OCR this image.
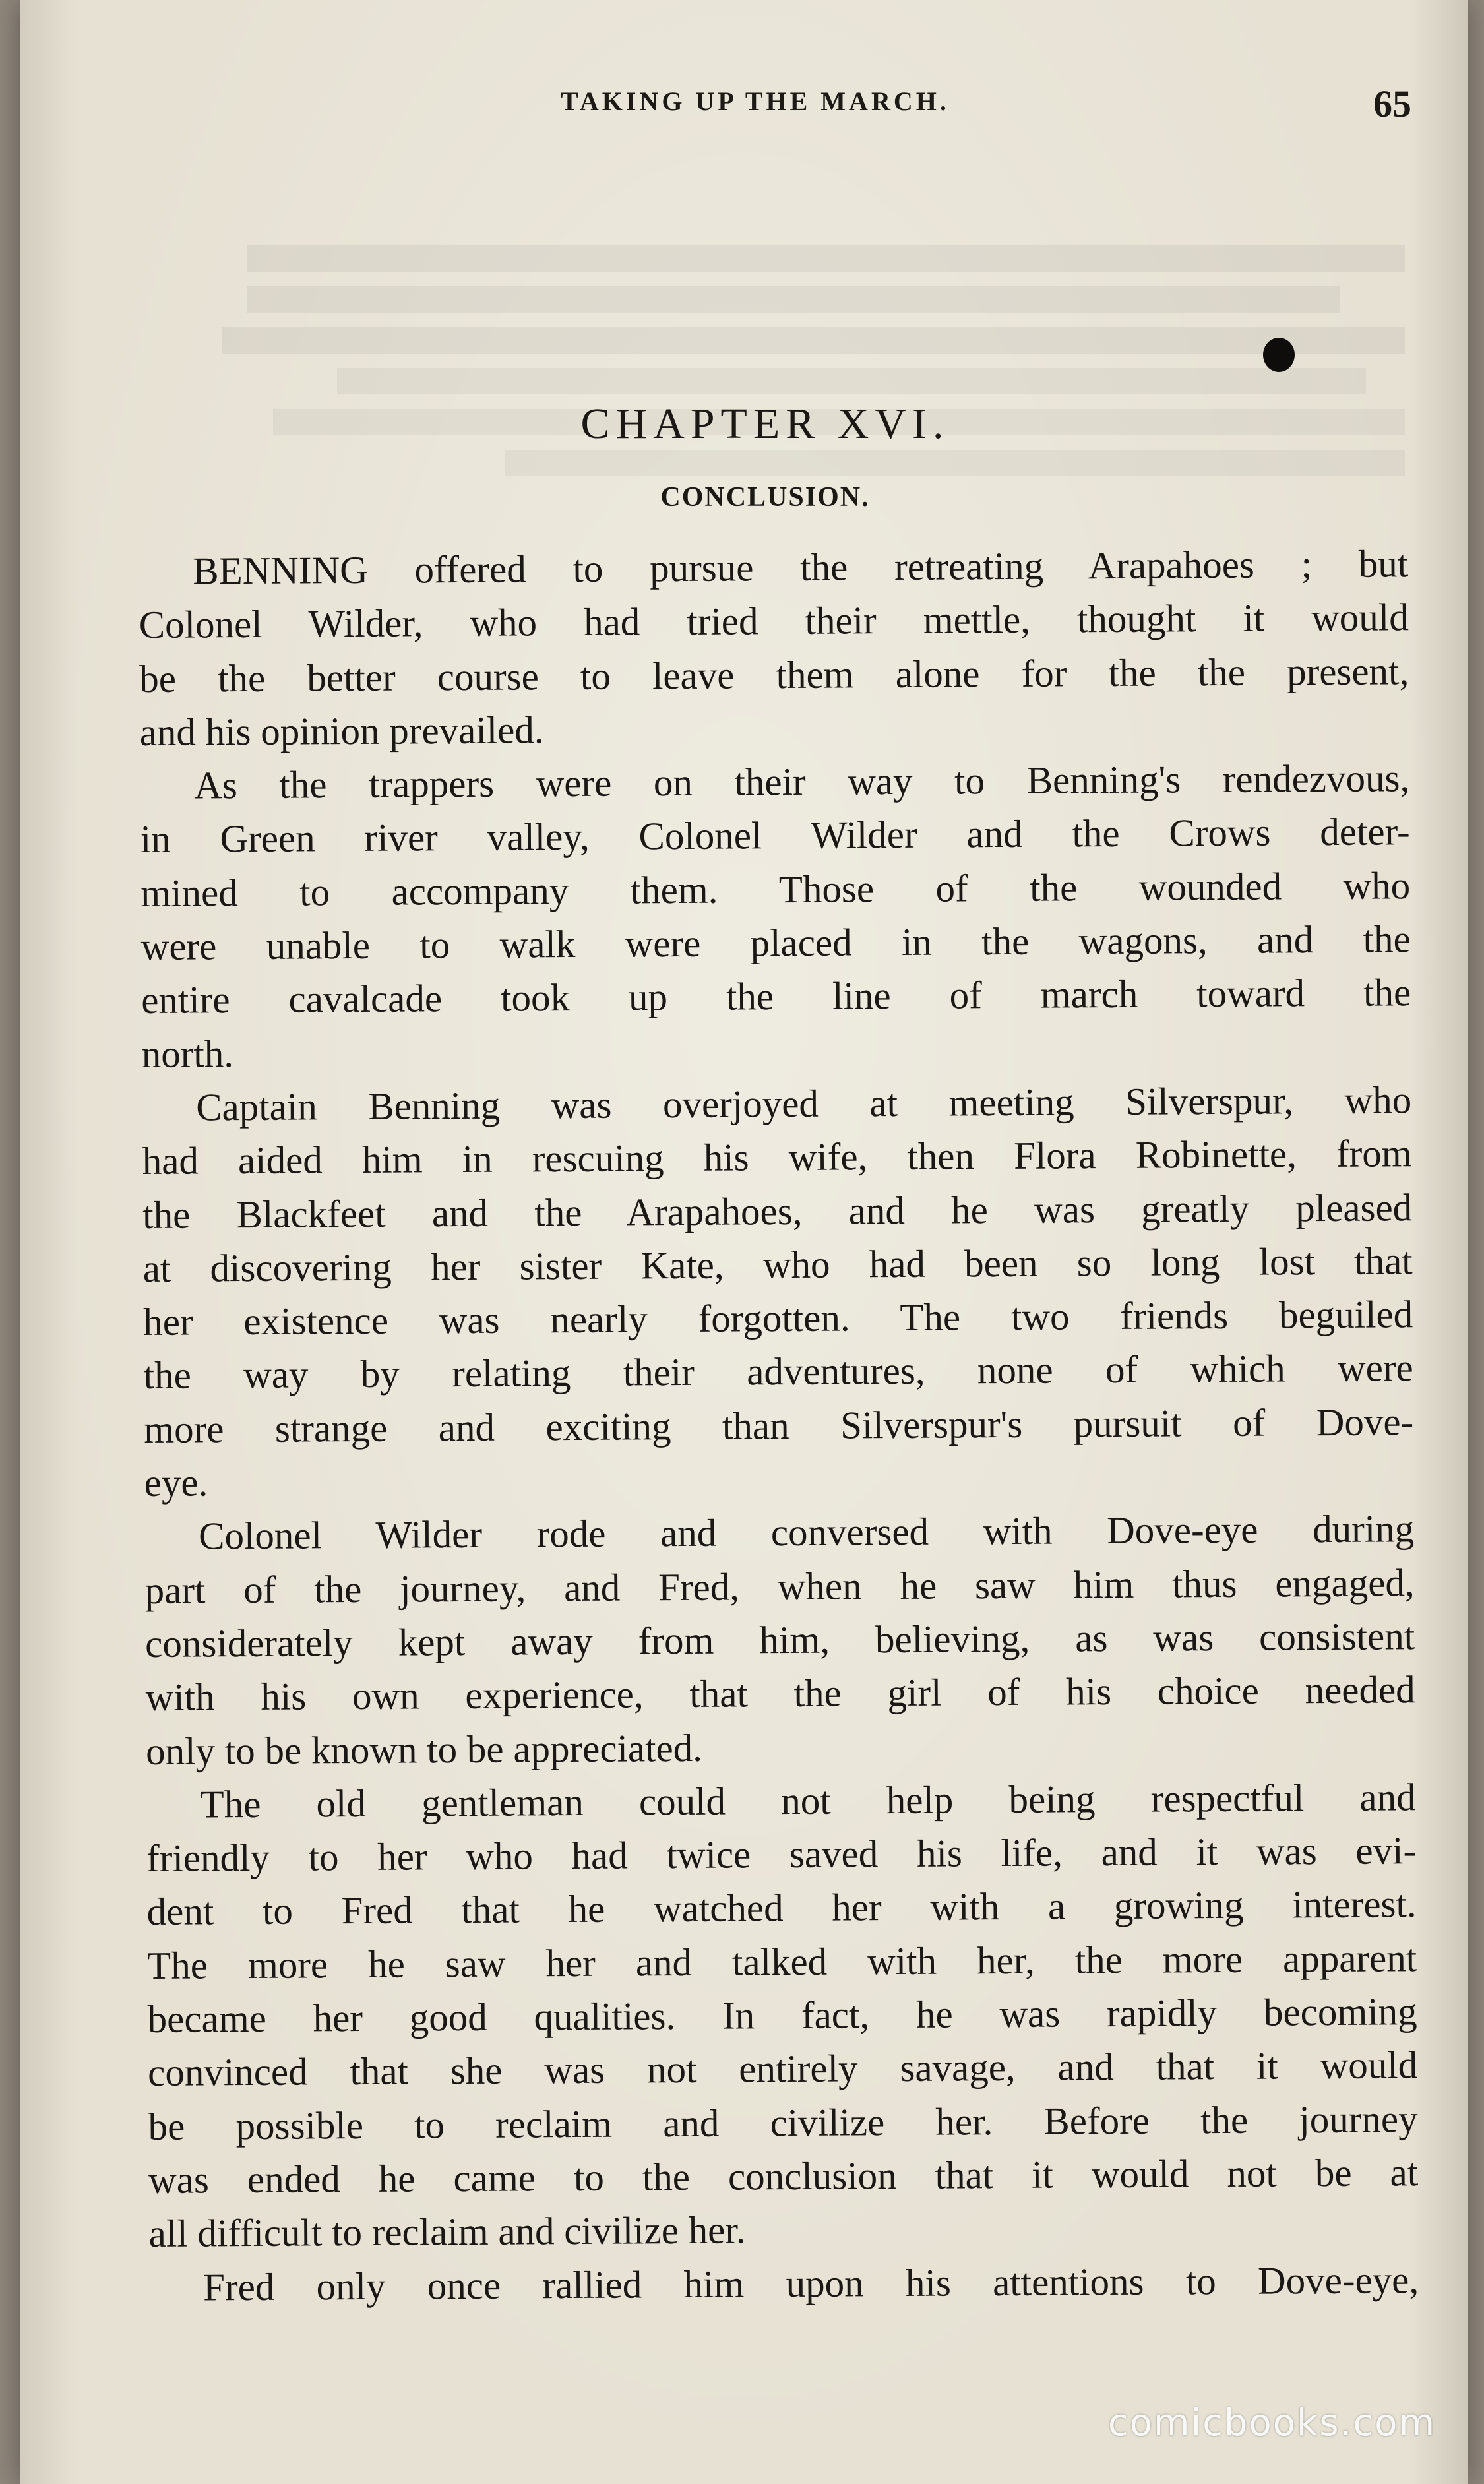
TAKING UP THE MARCH.	65
CHAPTER XVI.
CONCLUSION.
BENNING offered to pursue the retreating Arapahoes ; but
Colonel Wilder, who had tried their mettle, thought it would
be the better course to leave them alone for the the present,
and his opinion prevailed.
As the trappers were on their way to Benning's rendezvous,
in Green river valley, Colonel Wilder and the Crows deter-
mined to accompany them. Those of the wounded who
were unable to walk were placed in the wagons, and the
entire cavalcade took up the line of march toward the
north.
Captain Benning was overjoyed at meeting Silverspur, who
had aided him in rescuing his wife, then Flora Robinette, from
the Blackfeet and the Arapahoes, and he was greatly pleased
at discovering her sister Kate, who had been so long lost that
her existence was nearly forgotten. The two friends beguiled
the way by relating their adventures, none of which were
more strange and exciting than Silverspur's pursuit of Dove-
eye.
Colonel Wilder rode and conversed with Dove-eye during
part of the journey, and Fred, when he saw him thus engaged,
considerately kept away from him, believing, as was consistent
with his own experience, that the girl of his choice needed
only to be known to be appreciated.
The old gentleman could not help being respectful and
friendly to her who had twice saved his life, and it was evi-
dent to Fred that he watched her with a growing interest.
The more he saw her and talked with her, the more apparent
became her good qualities. In fact, he was rapidly becoming
convinced that she was not entirely savage, and that it would
be possible to reclaim and civilize her. Before the journey
was ended he came to the conclusion that it would not be at
all difficult to reclaim and civilize her.
Fred only once rallied him upon his attentions to Dove-eye,
comicbooks.com
